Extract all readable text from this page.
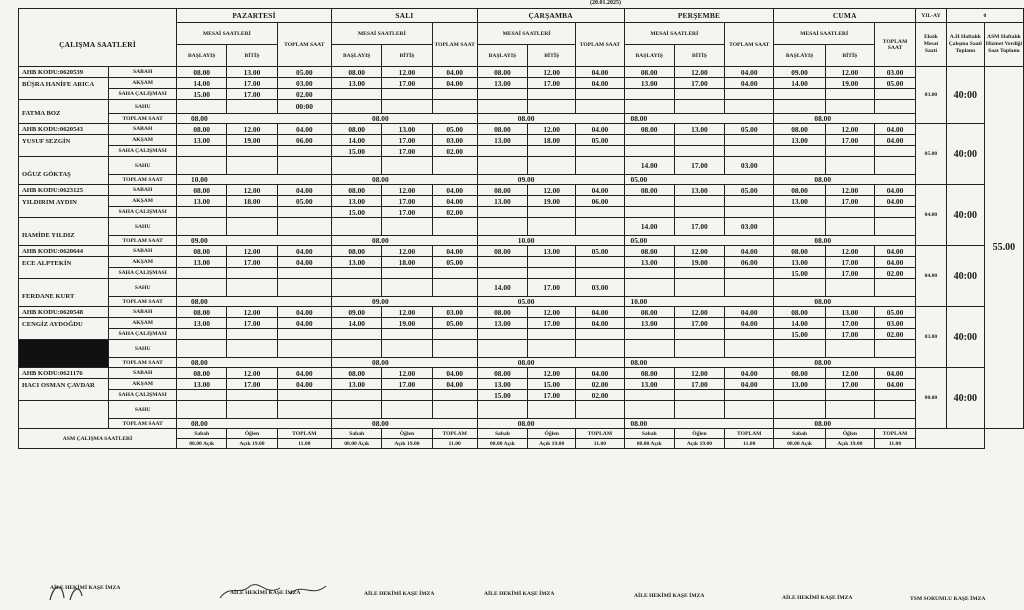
(20.01.2025)
		PAZARTESİ			SALI			ÇARŞAMBA			PERŞEMBE			CUMA			YIL-AY	0	
ÇALIŞMA SAATLERİ		MESAİ SAATLERİ		TOPLAM SAAT	MESAİ SAATLERİ		TOPLAM SAAT	MESAİ SAATLERİ		TOPLAM SAAT	MESAİ SAATLERİ		TOPLAM SAAT	MESAİ SAATLERİ		TOPLAM SAAT	Eksik Mesai Saati	A.H Haftalık Çalışma Saati Toplamı	ASM Haftalık Hizmet Verdiği Saat Toplamı
		BAŞLAYIŞ	BİTİŞ		BAŞLAYIŞ	BİTİŞ		BAŞLAYIŞ	BİTİŞ		BAŞLAYIŞ	BİTİŞ		BAŞLAYIŞ	BİTİŞ				
AHB KODU:0620539	SABAH	08.00	13.00	05.00	08.00	12.00	04.00	08.00	12.00	04.00	08.00	12.00	04.00	09.00	12.00	03.00	03.00	40:00	55.00
BÜŞRA HANİFE ARICA	AKŞAM	14.00	17.00	03.00	13.00	17.00	04.00	13.00	17.00	04.00	13.00	17.00	04.00	14.00	19.00	05.00			
	SAHA ÇALIŞMASI	15.00	17.00	02.00															
FATMA BOZ	SAHU			00:00															
	TOPLAM SAAT	08.00			08.00			08.00			08.00			08.00					
AHB KODU:0620543	SABAH	08.00	12.00	04.00	08.00	13.00	05.00	08.00	12.00	04.00	08.00	13.00	05.00	08.00	12.00	04.00	05.00	40:00	
YUSUF SEZGİN	AKŞAM	13.00	19.00	06.00	14.00	17.00	03.00	13.00	18.00	05.00				13.00	17.00	04.00			
	SAHA ÇALIŞMASI				15.00	17.00	02.00												
OĞUZ GÖKTAŞ	SAHU										14.00	17.00	03.00						
	TOPLAM SAAT	10.00			08.00			09.00			05.00			08.00					
AHB KODU:0623125	SABAH	08.00	12.00	04.00	08.00	12.00	04.00	08.00	12.00	04.00	08.00	13.00	05.00	08.00	12.00	04.00	04.00	40:00	
YILDIRIM AYDIN	AKŞAM	13.00	18.00	05.00	13.00	17.00	04.00	13.00	19.00	06.00				13.00	17.00	04.00			
	SAHA ÇALIŞMASI				15.00	17.00	02.00												
HAMİDE YILDIZ	SAHU										14.00	17.00	03.00						
	TOPLAM SAAT	09.00			08.00			10.00			05.00			08.00					
AHB KODU:0620644	SABAH	08.00	12.00	04.00	08.00	12.00	04.00	08.00	13.00	05.00	08.00	12.00	04.00	08.00	12.00	04.00	04.00	40:00	
ECE ALPTEKİN	AKŞAM	13.00	17.00	04.00	13.00	18.00	05.00				13.00	19.00	06.00	13.00	17.00	04.00			
	SAHA ÇALIŞMASI													15.00	17.00	02.00			
FERDANE KURT	SAHU							14.00	17.00	03.00									
	TOPLAM SAAT	08.00			09.00			05.00			10.00			08.00					
AHB KODU:0620548	SABAH	08.00	12.00	04.00	09.00	12.00	03.00	08.00	12.00	04.00	08.00	12.00	04.00	08.00	13.00	05.00	03.00	40:00	
CENGİZ AYDOĞDU	AKŞAM	13.00	17.00	04.00	14.00	19.00	05.00	13.00	17.00	04.00	13.00	17.00	04.00	14.00	17.00	03.00			
	SAHA ÇALIŞMASI													15.00	17.00	02.00			
	SAHU																		
	TOPLAM SAAT	08.00			08.00			08.00			08.00			08.00					
AHB KODU:0621176	SABAH	08.00	12.00	04.00	08.00	12.00	04.00	08.00	12.00	04.00	08.00	12.00	04.00	08.00	12.00	04.00	00.00	40:00	
HACI OSMAN ÇAVDAR	AKŞAM	13.00	17.00	04.00	13.00	17.00	04.00	13.00	15.00	02.00	13.00	17.00	04.00	13.00	17.00	04.00			
	SAHA ÇALIŞMASI							15.00	17.00	02.00									
	SAHU																		
	TOPLAM SAAT	08.00			08.00			08.00			08.00			08.00					
ASM ÇALIŞMA SAATLERİ		Sabah	Öğlen	TOPLAM	Sabah	Öğlen	TOPLAM	Sabah	Öğlen	TOPLAM	Sabah	Öğlen	TOPLAM	Sabah	Öğlen	TOPLAM			
		08.00 Açık	Açık 19.00	11.00	08.00 Açık	Açık 19.00	11.00	08.00 Açık	Açık 19.00	11.00	08.00 Açık	Açık 19.00	11.00	08.00 Açık	Açık 19.00	11.00			
AİLE HEKİMİ KAŞE İMZA
AİLE HEKİMİ KAŞE İMZA	AİLE HEKİMİ KAŞE İMZA	AİLE HEKİMİ KAŞE İMZA	AİLE HEKİMİ KAŞE İMZA	AİLE HEKİMİ KAŞE İMZA	TSM SORUMLU KAŞE İMZA
